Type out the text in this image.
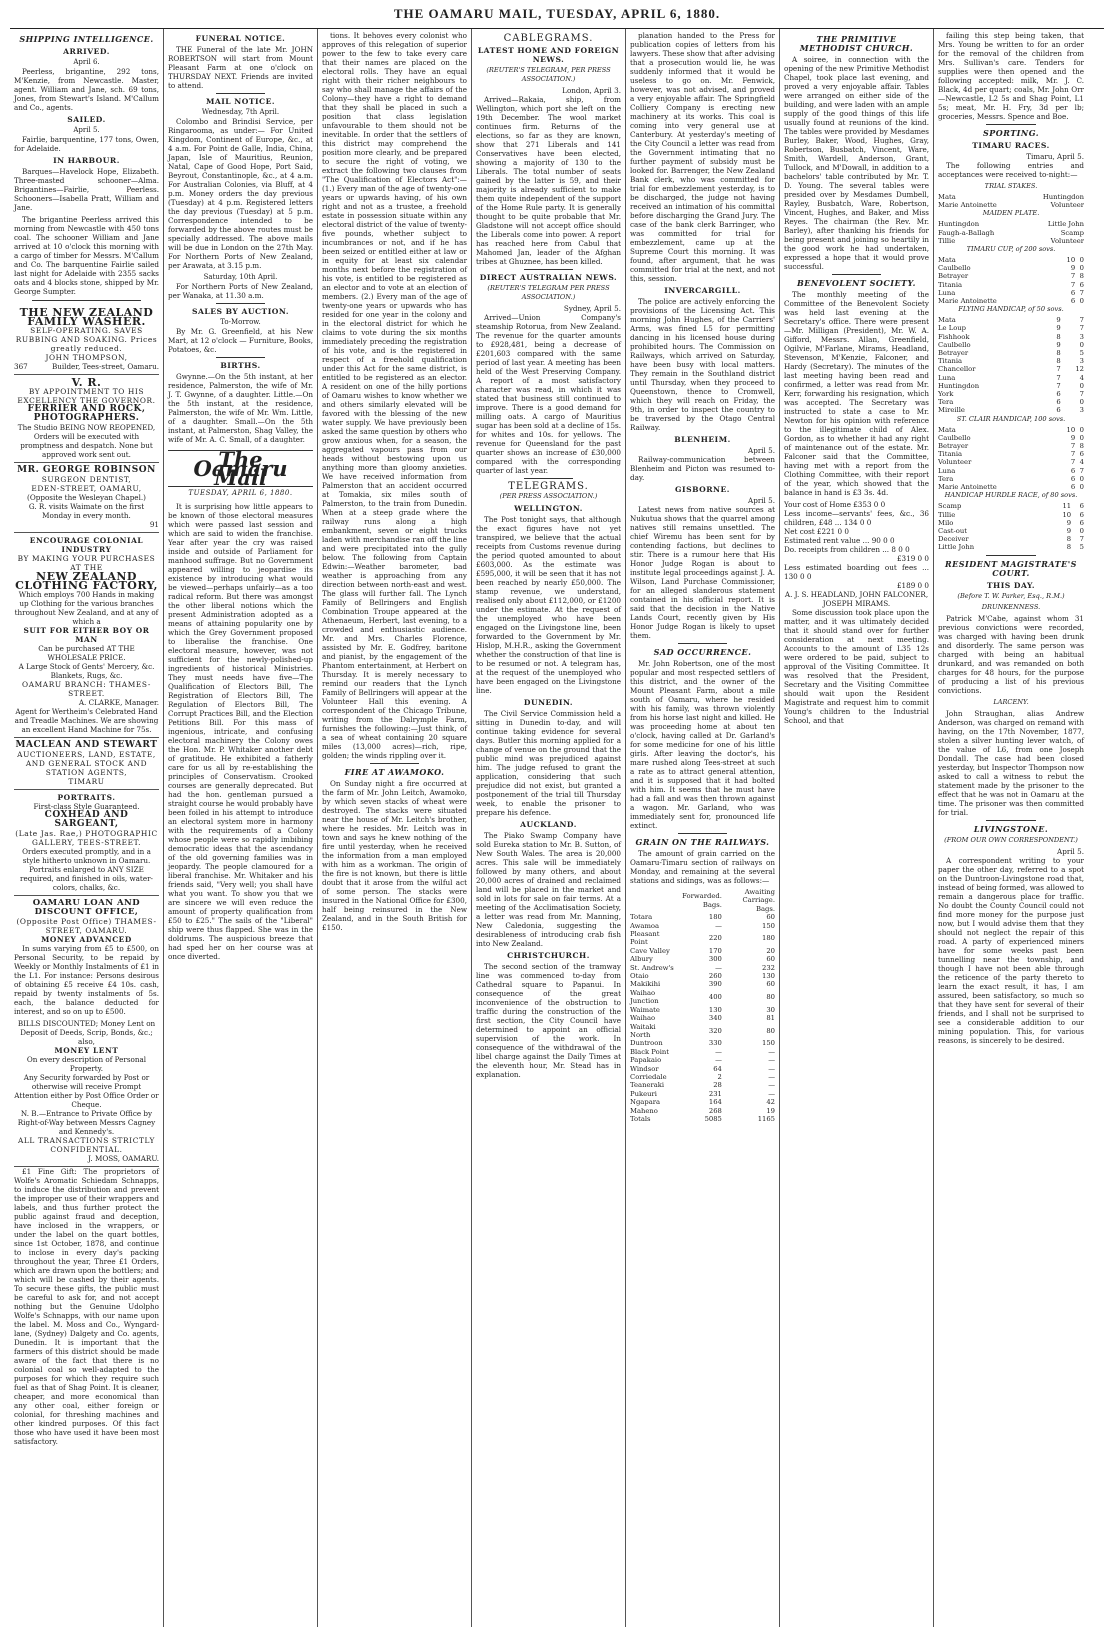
THE OAMARU MAIL, TUESDAY, APRIL 6, 1880.
SHIPPING INTELLIGENCE.
ARRIVED.
April 6.

Peerless, brigantine, 292 tons, M'Kenzie, from Newcastle. Master, agent. William and Jane, sch. 69 tons, Jones, from Stewart's Island. M'Callum and Co., agents.

SAILED.
April 5.

Fairlie, barquentine, 177 tons, Owen, for Adelaide.

IN HARBOUR.

Barques—Havelock Hope, Elizabeth. Three-masted schooner—Alma. Brigantines—Fairlie, Peerless. Schooners—Isabella Pratt, William and Jane.

The brigantine Peerless arrived this morning from Newcastle with 450 tons coal. The schooner William and Jane arrived at 10 o'clock this morning with a cargo of timber for Messrs. M'Callum and Co. The barquentine Fairlie sailed last night for Adelaide with 2355 sacks oats and 4 blocks stone, shipped by Mr. George Sumpter.

THE NEW ZEALAND FAMILY WASHER.
SELF-OPERATING. SAVES RUBBING AND SOAKING. Prices greatly reduced.
JOHN THOMPSON,
367	Builder, Tees-street, Oamaru.
V. R.
BY APPOINTMENT TO HIS EXCELLENCY THE GOVERNOR.
FERRIER AND ROCK, PHOTOGRAPHERS.
The Studio BEING NOW REOPENED, Orders will be executed with promptness and despatch. None but approved work sent out.
MR. GEORGE ROBINSON
SURGEON DENTIST,
EDEN-STREET, OAMARU,
(Opposite the Wesleyan Chapel.)
G. R. visits Waimate on the first Monday in every month.
91
ENCOURAGE COLONIAL INDUSTRY
BY MAKING YOUR PURCHASES AT THE
NEW ZEALAND CLOTHING FACTORY,
Which employs 700 Hands in making up Clothing for the various branches throughout New Zealand, and at any of which a
SUIT FOR EITHER BOY OR MAN
Can be purchased AT THE WHOLESALE PRICE.
A Large Stock of Gents' Mercery, &c. Blankets, Rugs, &c.
OAMARU BRANCH: THAMES-STREET.
A. CLARKE, Manager.
Agent for Wertheim's Celebrated Hand and Treadle Machines. We are showing an excellent Hand Machine for 75s.
MACLEAN AND STEWART
AUCTIONEERS, LAND, ESTATE, AND GENERAL STOCK AND STATION AGENTS,
TIMARU
PORTRAITS.
First-class Style Guaranteed.
COXHEAD AND SARGEANT,
(Late Jas. Rae,) PHOTOGRAPHIC GALLERY, TEES-STREET.
Orders executed promptly, and in a style hitherto unknown in Oamaru.
Portraits enlarged to ANY SIZE required, and finished in oils, water-colors, chalks, &c.
OAMARU LOAN AND DISCOUNT OFFICE,
(Opposite Post Office) THAMES-STREET, OAMARU.
MONEY ADVANCED

In sums varying from £5 to £500, on Personal Security, to be repaid by Weekly or Monthly Instalments of £1 in the L1. For instance: Persons desirous of obtaining £5 receive £4 10s. cash, repaid by twenty instalments of 5s. each, the balance deducted for interest, and so on up to £500.

BILLS DISCOUNTED; Money Lent on Deposit of Deeds, Scrip, Bonds, &c.; also,
MONEY LENT
On every description of Personal Property.
Any Security forwarded by Post or otherwise will receive Prompt Attention either by Post Office Order or Cheque.
N. B.—Entrance to Private Office by Right-of-Way between Messrs Cagney and Kennedy's.
ALL TRANSACTIONS STRICTLY CONFIDENTIAL.
J. MOSS, OAMARU.

£1 Fine Gift: The proprietors of Wolfe's Aromatic Schiedam Schnapps, to induce the distribution and prevent the improper use of their wrappers and labels, and thus further protect the public against fraud and deception, have inclosed in the wrappers, or under the label on the quart bottles, since 1st October, 1878, and continue to inclose in every day's packing throughout the year, Three £1 Orders, which are drawn upon the bottlers; and which will be cashed by their agents. To secure these gifts, the public must be careful to ask for, and not accept nothing but the Genuine Udolpho Wolfe's Schnapps, with our name upon the label. M. Moss and Co., Wyngard-lane, (Sydney) Dalgety and Co. agents, Dunedin. It is important that the farmers of this district should be made aware of the fact that there is no colonial coal so well-adapted to the purposes for which they require such fuel as that of Shag Point. It is cleaner, cheaper, and more economical than any other coal, either foreign or colonial, for threshing machines and other kindred purposes. Of this fact those who have used it have been most satisfactory.

FUNERAL NOTICE.

THE Funeral of the late Mr. JOHN ROBERTSON will start from Mount Pleasant Farm at one o'clock on THURSDAY NEXT. Friends are invited to attend.

MAIL NOTICE.
Wednesday, 7th April.

Colombo and Brindisi Service, per Ringarooma, as under:— For United Kingdom, Continent of Europe, &c., at 4 a.m. For Point de Galle, India, China, Japan, Isle of Mauritius, Reunion, Natal, Cape of Good Hope, Port Said, Beyrout, Constantinople, &c., at 4 a.m. For Australian Colonies, via Bluff, at 4 p.m. Money orders the day previous (Tuesday) at 4 p.m. Registered letters the day previous (Tuesday) at 5 p.m. Correspondence intended to be forwarded by the above routes must be specially addressed. The above mails will be due in London on the 27th May. For Northern Ports of New Zealand, per Arawata, at 3.15 p.m.

Saturday, 10th April.

For Northern Ports of New Zealand, per Wanaka, at 11.30 a.m.

SALES BY AUCTION.
To-Morrow.

By Mr. G. Greenfield, at his New Mart, at 12 o'clock — Furniture, Books, Potatoes, &c.

BIRTHS.

Gwynne.—On the 5th instant, at her residence, Palmerston, the wife of Mr. J. T. Gwynne, of a daughter. Little.—On the 5th instant, at the residence, Palmerston, the wife of Mr. Wm. Little, of a daughter. Small.—On the 5th instant, at Palmerston, Shag Valley, the wife of Mr. A. C. Small, of a daughter.

The Oamaru Mail
TUESDAY, APRIL 6, 1880.

It is surprising how little appears to be known of those electoral measures which were passed last session and which are said to widen the franchise. Year after year the cry was raised inside and outside of Parliament for manhood suffrage. But no Government appeared willing to jeopardise its existence by introducing what would be viewed—perhaps unfairly—as a too radical reform. But there was amongst the other liberal notions which the present Administration adopted as a means of attaining popularity one by which the Grey Government proposed to liberalise the franchise. One electoral measure, however, was not sufficient for the newly-polished-up ingredients of historical Ministries. They must needs have five—The Qualification of Electors Bill, The Registration of Electors Bill, The Regulation of Electors Bill, The Corrupt Practices Bill, and the Election Petitions Bill. For this mass of ingenious, intricate, and confusing electoral machinery the Colony owes the Hon. Mr. P. Whitaker another debt of gratitude. He exhibited a fatherly care for us all by re-establishing the principles of Conservatism. Crooked courses are generally deprecated. But had the hon. gentleman pursued a straight course he would probably have been foiled in his attempt to introduce an electoral system more in harmony with the requirements of a Colony whose people were so rapidly imbibing democratic ideas that the ascendancy of the old governing families was in jeopardy. The people clamoured for a liberal franchise. Mr. Whitaker and his friends said, "Very well; you shall have what you want. To show you that we are sincere we will even reduce the amount of property qualification from £50 to £25." The sails of the "Liberal" ship were thus flapped. She was in the doldrums. The auspicious breeze that had sped her on her course was at once diverted.

tions. It behoves every colonist who approves of this relegation of superior power to the few to take every care that their names are placed on the electoral rolls. They have an equal right with their richer neighbours to say who shall manage the affairs of the Colony—they have a right to demand that they shall be placed in such a position that class legislation unfavourable to them should not be inevitable. In order that the settlers of this district may comprehend the position more clearly, and be prepared to secure the right of voting, we extract the following two clauses from "The Qualification of Electors Act":— (1.) Every man of the age of twenty-one years or upwards having, of his own right and not as a trustee, a freehold estate in possession situate within any electoral district of the value of twenty-five pounds, whether subject to incumbrances or not, and if he has been seized or entitled either at law or in equity for at least six calendar months next before the registration of his vote, is entitled to be registered as an elector and to vote at an election of members. (2.) Every man of the age of twenty-one years or upwards who has resided for one year in the colony and in the electoral district for which he claims to vote during the six months immediately preceding the registration of his vote, and is the registered in respect of a freehold qualification under this Act for the same district, is entitled to be registered as an elector. A resident on one of the hilly portions of Oamaru wishes to know whether we and others similarly elevated will be favored with the blessing of the new water supply. We have previously been asked the same question by others who grow anxious when, for a season, the aggregated vapours pass from our heads without bestowing upon us anything more than gloomy anxieties. We have received information from Palmerston that an accident occurred at Tomakia, six miles south of Palmerston, to the train from Dunedin. When at a steep grade where the railway runs along a high embankment, seven or eight trucks laden with merchandise ran off the line and were precipitated into the gully below. The following from Captain Edwin:—Weather barometer, bad weather is approaching from any direction between north-east and west. The glass will further fall. The Lynch Family of Bellringers and English Combination Troupe appeared at the Athenaeum, Herbert, last evening, to a crowded and enthusiastic audience. Mr. and Mrs. Charles Florence, assisted by Mr. E. Godfrey, baritone and pianist, by the engagement of the Phantom entertainment, at Herbert on Thursday. It is merely necessary to remind our readers that the Lynch Family of Bellringers will appear at the Volunteer Hall this evening. A correspondent of the Chicago Tribune, writing from the Dalrymple Farm, furnishes the following:—Just think, of a sea of wheat containing 20 square miles (13,000 acres)—rich, ripe, golden; the winds rippling over it.

FIRE AT AWAMOKO.

On Sunday night a fire occurred at the farm of Mr. John Leitch, Awamoko, by which seven stacks of wheat were destroyed. The stacks were situated near the house of Mr. Leitch's brother, where he resides. Mr. Leitch was in town and says he knew nothing of the fire until yesterday, when he received the information from a man employed with him as a workman. The origin of the fire is not known, but there is little doubt that it arose from the wilful act of some person. The stacks were insured in the National Office for £300, half being reinsured in the New Zealand, and in the South British for £150.

CABLEGRAMS.
LATEST HOME AND FOREIGN NEWS.
(REUTER'S TELEGRAM, PER PRESS ASSOCIATION.)
London, April 3.

Arrived—Rakaia, ship, from Wellington, which port she left on the 19th December. The wool market continues firm. Returns of the elections, so far as they are known, show that 271 Liberals and 141 Conservatives have been elected, showing a majority of 130 to the Liberals. The total number of seats gained by the latter is 59, and their majority is already sufficient to make them quite independent of the support of the Home Rule party. It is generally thought to be quite probable that Mr. Gladstone will not accept office should the Liberals come into power. A report has reached here from Cabul that Mahomed Jan, leader of the Afghan tribes at Ghuznee, has been killed.

DIRECT AUSTRALIAN NEWS.
(REUTER'S TELEGRAM PER PRESS ASSOCIATION.)
Sydney, April 5.

Arrived—Union Company's steamship Rotorua, from New Zealand. The revenue for the quarter amounts to £928,481, being a decrease of £201,603 compared with the same period of last year. A meeting has been held of the West Preserving Company. A report of a most satisfactory character was read, in which it was stated that business still continued to improve. There is a good demand for milling oats. A cargo of Mauritius sugar has been sold at a decline of 15s. for whites and 10s. for yellows. The revenue for Queensland for the past quarter shows an increase of £30,000 compared with the corresponding quarter of last year.

TELEGRAMS.
(PER PRESS ASSOCIATION.)
WELLINGTON.

The Post tonight says, that although the exact figures have not yet transpired, we believe that the actual receipts from Customs revenue during the period quoted amounted to about £603,000. As the estimate was £595,000, it will be seen that it has not been reached by nearly £50,000. The stamp revenue, we understand, realised only about £112,000, or £1200 under the estimate. At the request of the unemployed who have been engaged on the Livingstone line, been forwarded to the Government by Mr. Hislop, M.H.R., asking the Government whether the construction of that line is to be resumed or not. A telegram has, at the request of the unemployed who have been engaged on the Livingstone line.

DUNEDIN.

The Civil Service Commission held a sitting in Dunedin to-day, and will continue taking evidence for several days. Butler this morning applied for a change of venue on the ground that the public mind was prejudiced against him. The judge refused to grant the application, considering that such prejudice did not exist, but granted a postponement of the trial till Thursday week, to enable the prisoner to prepare his defence.

AUCKLAND.

The Piako Swamp Company have sold Eureka station to Mr. B. Sutton, of New South Wales. The area is 20,000 acres. This sale will be immediately followed by many others, and about 20,000 acres of drained and reclaimed land will be placed in the market and sold in lots for sale on fair terms. At a meeting of the Acclimatisation Society, a letter was read from Mr. Manning, New Caledonia, suggesting the desirableness of introducing crab fish into New Zealand.

CHRISTCHURCH.

The second section of the tramway line was commenced to-day from Cathedral square to Papanui. In consequence of the great inconvenience of the obstruction to traffic during the construction of the first section, the City Council have determined to appoint an official supervision of the work. In consequence of the withdrawal of the libel charge against the Daily Times at the eleventh hour, Mr. Stead has in explanation.

planation handed to the Press for publication copies of letters from his lawyers. These show that after advising that a prosecution would lie, he was suddenly informed that it would be useless to go on. Mr. Fenwick, however, was not advised, and proved a very enjoyable affair. The Springfield Colliery Company is erecting new machinery at its works. This coal is coming into very general use at Canterbury. At yesterday's meeting of the City Council a letter was read from the Government intimating that no further payment of subsidy must be looked for. Barrenger, the New Zealand Bank clerk, who was committed for trial for embezzlement yesterday, is to be discharged, the judge not having received an intimation of his committal before discharging the Grand Jury. The case of the bank clerk Barringer, who was committed for trial for embezzlement, came up at the Supreme Court this morning. It was found, after argument, that he was committed for trial at the next, and not this, session.

INVERCARGILL.

The police are actively enforcing the provisions of the Licensing Act. This morning John Hughes, of the Carriers' Arms, was fined L5 for permitting dancing in his licensed house during prohibited hours. The Commission on Railways, which arrived on Saturday, have been busy with local matters. They remain in the Southland district until Thursday, when they proceed to Queenstown, thence to Cromwell, which they will reach on Friday, the 9th, in order to inspect the country to be traversed by the Otago Central Railway.

BLENHEIM.
April 5.

Railway-communication between Blenheim and Picton was resumed to-day.

GISBORNE.
April 5.

Latest news from native sources at Nukutua shows that the quarrel among natives still remains unsettled. The chief Wiremu has been sent for by contending factions, but declines to stir. There is a rumour here that His Honor Judge Rogan is about to institute legal proceedings against J. A. Wilson, Land Purchase Commissioner, for an alleged slanderous statement contained in his official report. It is said that the decision in the Native Lands Court, recently given by His Honor Judge Rogan is likely to upset them.

SAD OCCURRENCE.

Mr. John Robertson, one of the most popular and most respected settlers of this district, and the owner of the Mount Pleasant Farm, about a mile south of Oamaru, where he resided with his family, was thrown violently from his horse last night and killed. He was proceeding home at about ten o'clock, having called at Dr. Garland's for some medicine for one of his little girls. After leaving the doctor's, his mare rushed along Tees-street at such a rate as to attract general attention, and it is supposed that it had bolted with him. It seems that he must have had a fall and was then thrown against a wagon. Mr. Garland, who was immediately sent for, pronounced life extinct.

GRAIN ON THE RAILWAYS.

The amount of grain carried on the Oamaru-Timaru section of railways on Monday, and remaining at the several stations and sidings, was as follows:—

	Forwarded. Bags.	Awaiting Carriage. Bags.
Totara	180	60
Awamoa	—	150
Pleasant Point	220	180
Cave Valley	170	20
Albury	300	60
St. Andrew's	—	232
Otaio	260	130
Makikihi	390	60
Waihao Junction	400	80
Waimate	130	30
Waihao	340	81
Waitaki North	320	80
Duntroon	330	150
Black Point	—	—
Papakaio	—	—
Windsor	64	—
Corriedale	2	—
Teaneraki	28	—
Pukeuri	231	—
Ngapara	164	42
Maheno	268	19
Totals	5085	1165
THE PRIMITIVE METHODIST CHURCH.

A soiree, in connection with the opening of the new Primitive Methodist Chapel, took place last evening, and proved a very enjoyable affair. Tables were arranged on either side of the building, and were laden with an ample supply of the good things of this life usually found at reunions of the kind. The tables were provided by Mesdames Burley, Baker, Wood, Hughes, Gray, Robertson, Busbatch, Vincent, Ware, Smith, Wardell, Anderson, Grant, Tullock, and M'Dowall, in addition to a bachelors' table contributed by Mr. T. D. Young. The several tables were presided over by Mesdames Dumbell, Rayley, Busbatch, Ware, Robertson, Vincent, Hughes, and Baker, and Miss Reyes. The chairman (the Rev. Mr. Barley), after thanking his friends for being present and joining so heartily in the good work he had undertaken, expressed a hope that it would prove successful.

BENEVOLENT SOCIETY.

The monthly meeting of the Committee of the Benevolent Society was held last evening at the Secretary's office. There were present—Mr. Milligan (President), Mr. W. A. Gifford, Messrs. Allan, Greenfield, Ogilvie, M'Farlane, Mirams, Headland, Stevenson, M'Kenzie, Falconer, and Hardy (Secretary). The minutes of the last meeting having been read and confirmed, a letter was read from Mr. Kerr, forwarding his resignation, which was accepted. The Secretary was instructed to state a case to Mr. Newton for his opinion with reference to the illegitimate child of Alex. Gordon, as to whether it had any right of maintenance out of the estate. Mr. Falconer said that the Committee, having met with a report from the Clothing Committee, with their report of the year, which showed that the balance in hand is £3 3s. 4d.

Your cost of Home £353 0 0
Less income—servants' fees, &c., 36 children, £48 ... 134 0 0
Net cost £221 0 0
Estimated rent value ... 90 0 0
Do. receipts from children ... 8 0 0
£319 0 0
Less estimated boarding out fees ... 130 0 0
£189 0 0
A. J. S. HEADLAND, JOHN FALCONER, JOSEPH MIRAMS.

Some discussion took place upon the matter, and it was ultimately decided that it should stand over for further consideration at next meeting. Accounts to the amount of L35 12s were ordered to be paid, subject to approval of the Visiting Committee. It was resolved that the President, Secretary and the Visiting Committee should wait upon the Resident Magistrate and request him to commit Young's children to the Industrial School, and that

failing this step being taken, that Mrs. Young be written to for an order for the removal of the children from Mrs. Sullivan's care. Tenders for supplies were then opened and the following accepted: milk, Mr. J. C. Black, 4d per quart; coals, Mr. John Orr—Newcastle, L2 5s and Shag Point, L1 5s; meat, Mr. H. Fry, 3d per lb; groceries, Messrs. Spence and Boe.

SPORTING.
TIMARU RACES.
Timaru, April 5.

The following entries and acceptances were received to-night:—

TRIAL STAKES.
Mata	Huntingdon
Marie Antoinette	Volunteer
MAIDEN PLATE.
Huntingdon	Little John
Faugh-a-Ballagh	Scamp
Tillie	Volunteer
TIMARU CUP, of 200 sovs.
Mata	10	0
Caulbello	9	0
Betrayer	7	8
Titania	7	6
Luna	6	7
Marie Antoinette	6	0
FLYING HANDICAP, of 50 sovs.
Mata	9	7
Le Loup	9	7
Fishhook	8	3
Caulbello	9	0
Betrayer	8	5
Titania	8	3
Chancellor	7	12
Luna	7	4
Huntingdon	7	0
York	6	7
Tera	6	0
Mireille	6	3
ST. CLAIR HANDICAP, 100 sovs.
Mata	10	0
Caulbello	9	0
Betrayer	7	8
Titania	7	6
Volunteer	7	4
Luna	6	7
Tera	6	0
Marie Antoinette	6	0
HANDICAP HURDLE RACE, of 80 sovs.
Scamp	11	6
Tillie	10	6
Milo	9	6
Cast-out	9	0
Deceiver	8	7
Little John	8	5
RESIDENT MAGISTRATE'S COURT.
THIS DAY.
(Before T. W. Parker, Esq., R.M.)
DRUNKENNESS.

Patrick M'Cabe, against whom 31 previous convictions were recorded, was charged with having been drunk and disorderly. The same person was charged with being an habitual drunkard, and was remanded on both charges for 48 hours, for the purpose of producing a list of his previous convictions.

LARCENY.

John Straughan, alias Andrew Anderson, was charged on remand with having, on the 17th November, 1877, stolen a silver hunting lever watch, of the value of L6, from one Joseph Dondall. The case had been closed yesterday, but Inspector Thompson now asked to call a witness to rebut the statement made by the prisoner to the effect that he was not in Oamaru at the time. The prisoner was then committed for trial.

LIVINGSTONE.
(FROM OUR OWN CORRESPONDENT.)
April 5.

A correspondent writing to your paper the other day, referred to a spot on the Duntroon-Livingstone road that, instead of being formed, was allowed to remain a dangerous place for traffic. No doubt the County Council could not find more money for the purpose just now, but I would advise them that they should not neglect the repair of this road. A party of experienced miners have for some weeks past been tunnelling near the township, and though I have not been able through the reticence of the party thereto to learn the exact result, it has, I am assured, been satisfactory, so much so that they have sent for several of their friends, and I shall not be surprised to see a considerable addition to our mining population. This, for various reasons, is sincerely to be desired.
